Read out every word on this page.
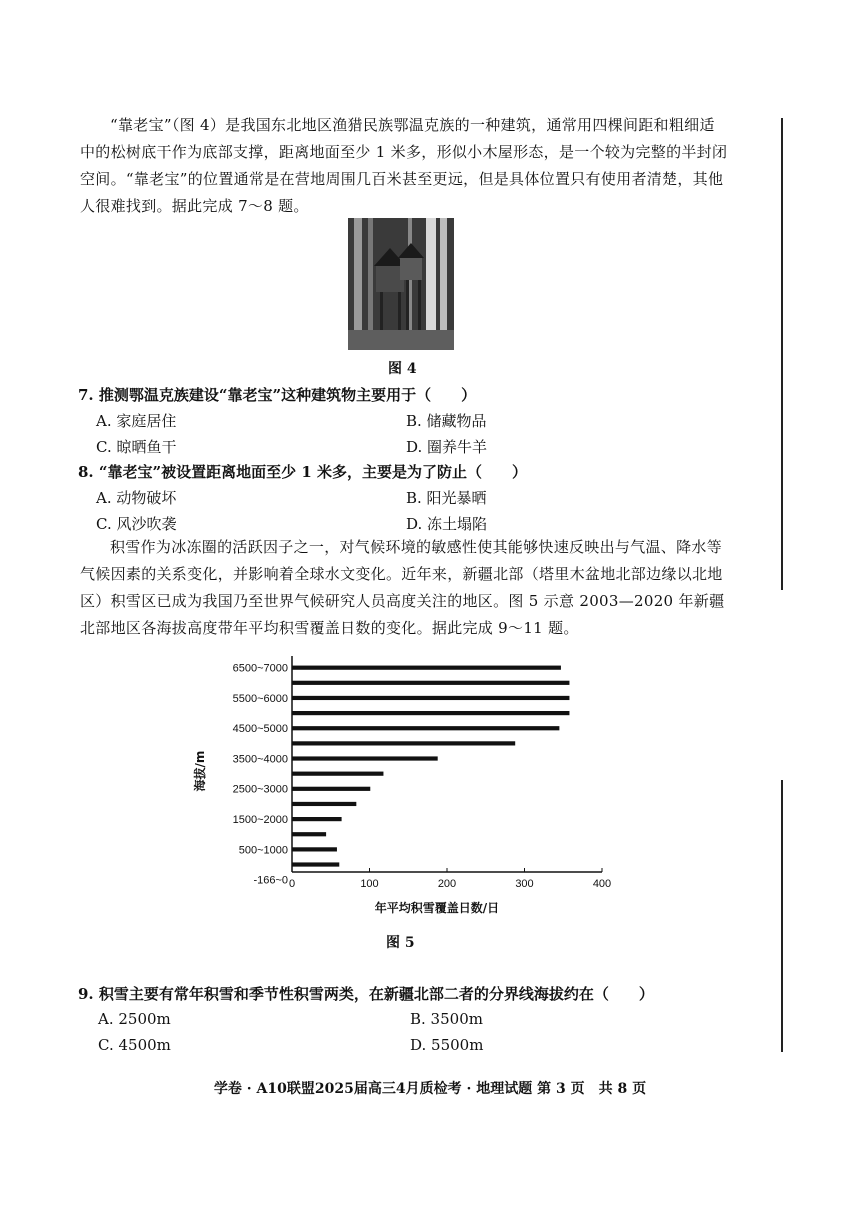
“靠老宝”（图 4）是我国东北地区渔猎民族鄂温克族的一种建筑，通常用四棵间距和粗细适中的松树底干作为底部支撑，距离地面至少 1 米多，形似小木屋形态，是一个较为完整的半封闭空间。“靠老宝”的位置通常是在营地周围几百米甚至更远，但是具体位置只有使用者清楚，其他人很难找到。据此完成 7～8 题。
图 4
7. 推测鄂温克族建设“靠老宝”这种建筑物主要用于（　　）
A. 家庭居住	B. 储藏物品
C. 晾晒鱼干	D. 圈养牛羊
8. “靠老宝”被设置距离地面至少 1 米多，主要是为了防止（　　）
A. 动物破坏	B. 阳光暴晒
C. 风沙吹袭	D. 冻土塌陷
积雪作为冰冻圈的活跃因子之一，对气候环境的敏感性使其能够快速反映出与气温、降水等气候因素的关系变化，并影响着全球水文变化。近年来，新疆北部（塔里木盆地北部边缘以北地区）积雪区已成为我国乃至世界气候研究人员高度关注的地区。图 5 示意 2003—2020 年新疆北部地区各海拔高度带年平均积雪覆盖日数的变化。据此完成 9～11 题。
6500~7000
5500~6000
4500~5000
3500~4000
2500~3000
1500~2000
500~1000
-166~0 0	100	200	300	400
年平均积雪覆盖日数/日
海拔/m
图 5
9. 积雪主要有常年积雪和季节性积雪两类，在新疆北部二者的分界线海拔约在（　　）
A. 2500m	B. 3500m
C. 4500m	D. 5500m
学卷 · A10联盟2025届高三4月质检考 · 地理试题 第 3 页　共 8 页
